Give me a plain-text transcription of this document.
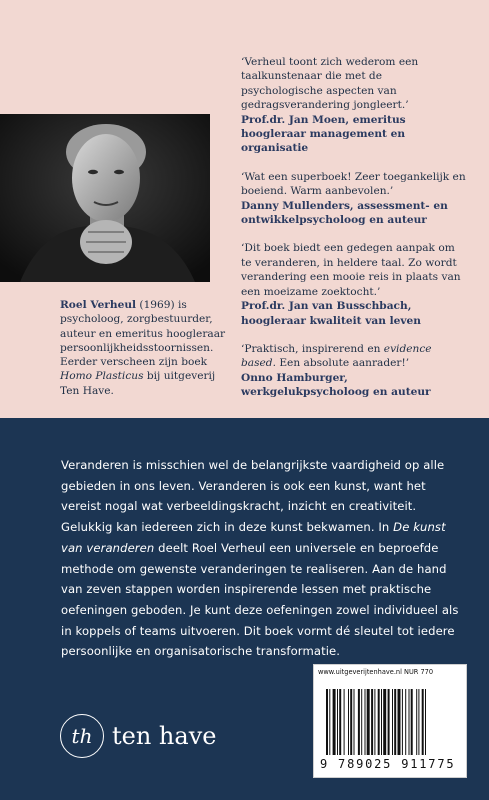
Roel Verheul (1969) is psycholoog, zorgbestuurder, auteur en emeritus hoogleraar persoonlijkheidsstoornissen. Eerder verscheen zijn boek Homo Plasticus bij uitgeverij Ten Have.
‘Verheul toont zich wederom een taalkunstenaar die met de psychologische aspecten van gedragsverandering jongleert.’
Prof.dr. Jan Moen, emeritus hoogleraar management en organisatie
‘Wat een superboek! Zeer toegankelijk en boeiend. Warm aanbevolen.’
Danny Mullenders, assessment- en ontwikkelpsycholoog en auteur
‘Dit boek biedt een gedegen aanpak om te veranderen, in heldere taal. Zo wordt verandering een mooie reis in plaats van een moeizame zoektocht.’
Prof.dr. Jan van Busschbach, hoogleraar kwaliteit van leven
‘Praktisch, inspirerend en evidence based. Een absolute aanrader!’
Onno Hamburger, werkgelukpsycholoog en auteur

Veranderen is misschien wel de belangrijkste vaardigheid op alle gebieden in ons leven. Veranderen is ook een kunst, want het vereist nogal wat verbeeldingskracht, inzicht en creativiteit. Gelukkig kan iedereen zich in deze kunst bekwamen. In De kunst van veranderen deelt Roel Verheul een universele en beproefde methode om gewenste veranderingen te realiseren. Aan de hand van zeven stappen worden inspirerende lessen met praktische oefeningen geboden. Je kunt deze oefeningen zowel individueel als in koppels of teams uitvoeren. Dit boek vormt dé sleutel tot iedere persoonlijke en organisatorische transformatie.

th ten have
www.uitgeverijtenhave.nl NUR 770
9 789025 911775
